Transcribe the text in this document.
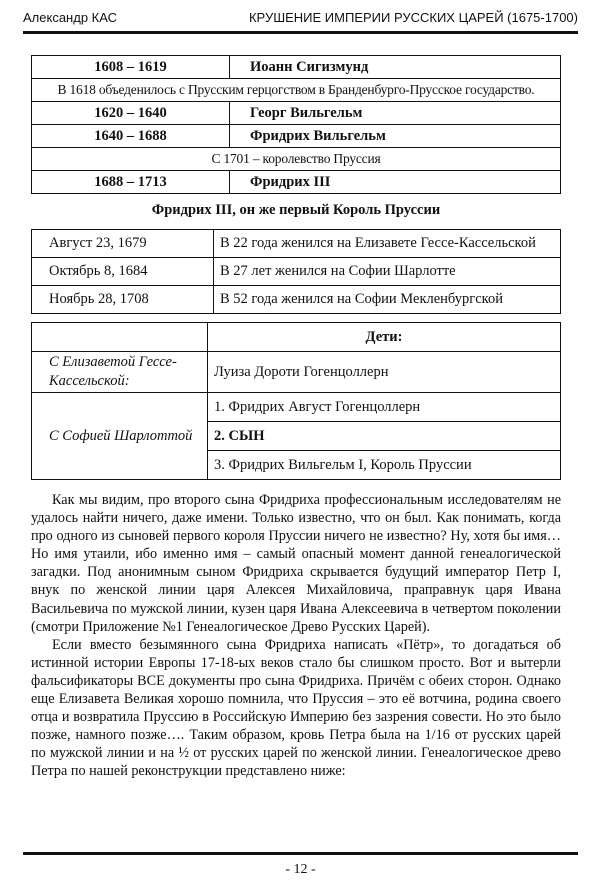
Александр КАС	КРУШЕНИЕ ИМПЕРИИ РУССКИХ ЦАРЕЙ (1675-1700)
1608 – 1619	Иоанн Сигизмунд
В 1618 объеденилось с Прусским герцогством в Бранденбурго-Прусское государство.	
1620 – 1640	Георг Вильгельм
1640 – 1688	Фридрих Вильгельм
С 1701 – королевство Пруссия	
1688 – 1713	Фридрих III
Фридрих III, он же первый Король Пруссии
Август 23, 1679	В 22 года женился на Елизавете Гессе-Кассельской
Октябрь 8, 1684	В 27 лет женился на Софии Шарлотте
Ноябрь 28, 1708	В 52 года женился на Софии Мекленбургской
	Дети:
С Елизаветой Гессе-Кассельской:	Луиза Дороти Гогенцоллерн
С Софией Шарлоттой	1. Фридрих Август Гогенцоллерн
	2. СЫН
	3. Фридрих Вильгельм I, Король Пруссии

Как мы видим, про второго сына Фридриха профессиональным исследователям не удалось найти ничего, даже имени. Только известно, что он был. Как понимать, когда про одного из сыновей первого короля Пруссии ничего не известно? Ну, хотя бы имя… Но имя утаили, ибо именно имя – самый опасный момент данной генеалогической загадки. Под анонимным сыном Фридриха скрывается будущий император Петр I, внук по женской линии царя Алексея Михайловича, праправнук царя Ивана Васильевича по мужской линии, кузен царя Ивана Алексеевича в четвертом поколении (смотри Приложение №1 Генеалогическое Древо Русских Царей).

Если вместо безымянного сына Фридриха написать «Пётр», то догадаться об истинной истории Европы 17-18-ых веков стало бы слишком просто. Вот и вытерли фальсификаторы ВСЕ документы про сына Фридриха. Причём с обеих сторон. Однако еще Елизавета Великая хорошо помнила, что Пруссия – это её вотчина, родина своего отца и возвратила Пруссию в Российскую Империю без зазрения совести. Но это было позже, намного позже…. Таким образом, кровь Петра была на 1/16 от русских царей по мужской линии и на ½ от русских царей по женской линии. Генеалогическое древо Петра по нашей реконструкции представлено ниже:

- 12 -
